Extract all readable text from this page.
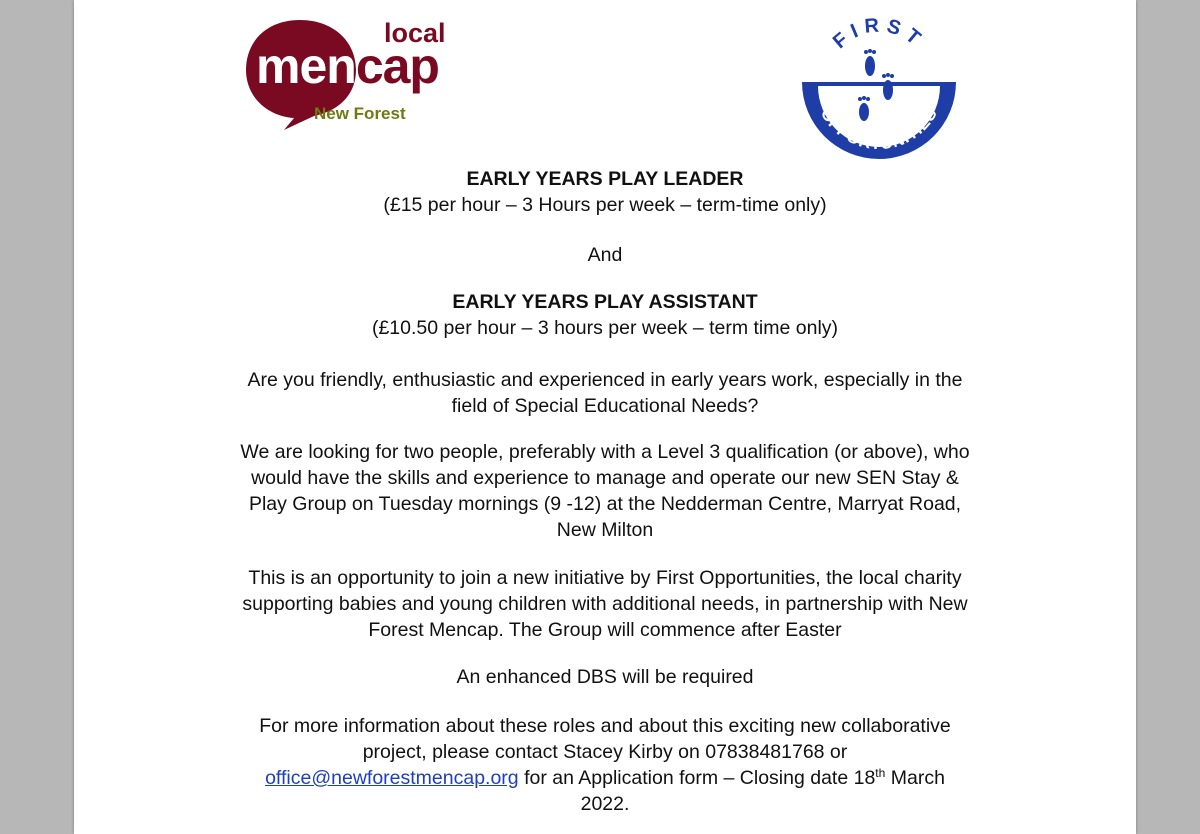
local
mencap
New Forest
FIRST
OPPORTUNITIES

EARLY YEARS PLAY LEADER

(£15 per hour – 3 Hours per week – term-time only)

And

EARLY YEARS PLAY ASSISTANT

(£10.50 per hour – 3 hours per week – term time only)

Are you friendly, enthusiastic and experienced in early years work, especially in the

field of Special Educational Needs?

We are looking for two people, preferably with a Level 3 qualification (or above), who

would have the skills and experience to manage and operate our new SEN Stay &

Play Group on Tuesday mornings (9 -12) at the Nedderman Centre, Marryat Road,

New Milton

This is an opportunity to join a new initiative by First Opportunities, the local charity

supporting babies and young children with additional needs, in partnership with New

Forest Mencap. The Group will commence after Easter

An enhanced DBS will be required

For more information about these roles and about this exciting new collaborative

project, please contact Stacey Kirby on 07838481768 or

office@newforestmencap.org for an Application form – Closing date 18th March

2022.
